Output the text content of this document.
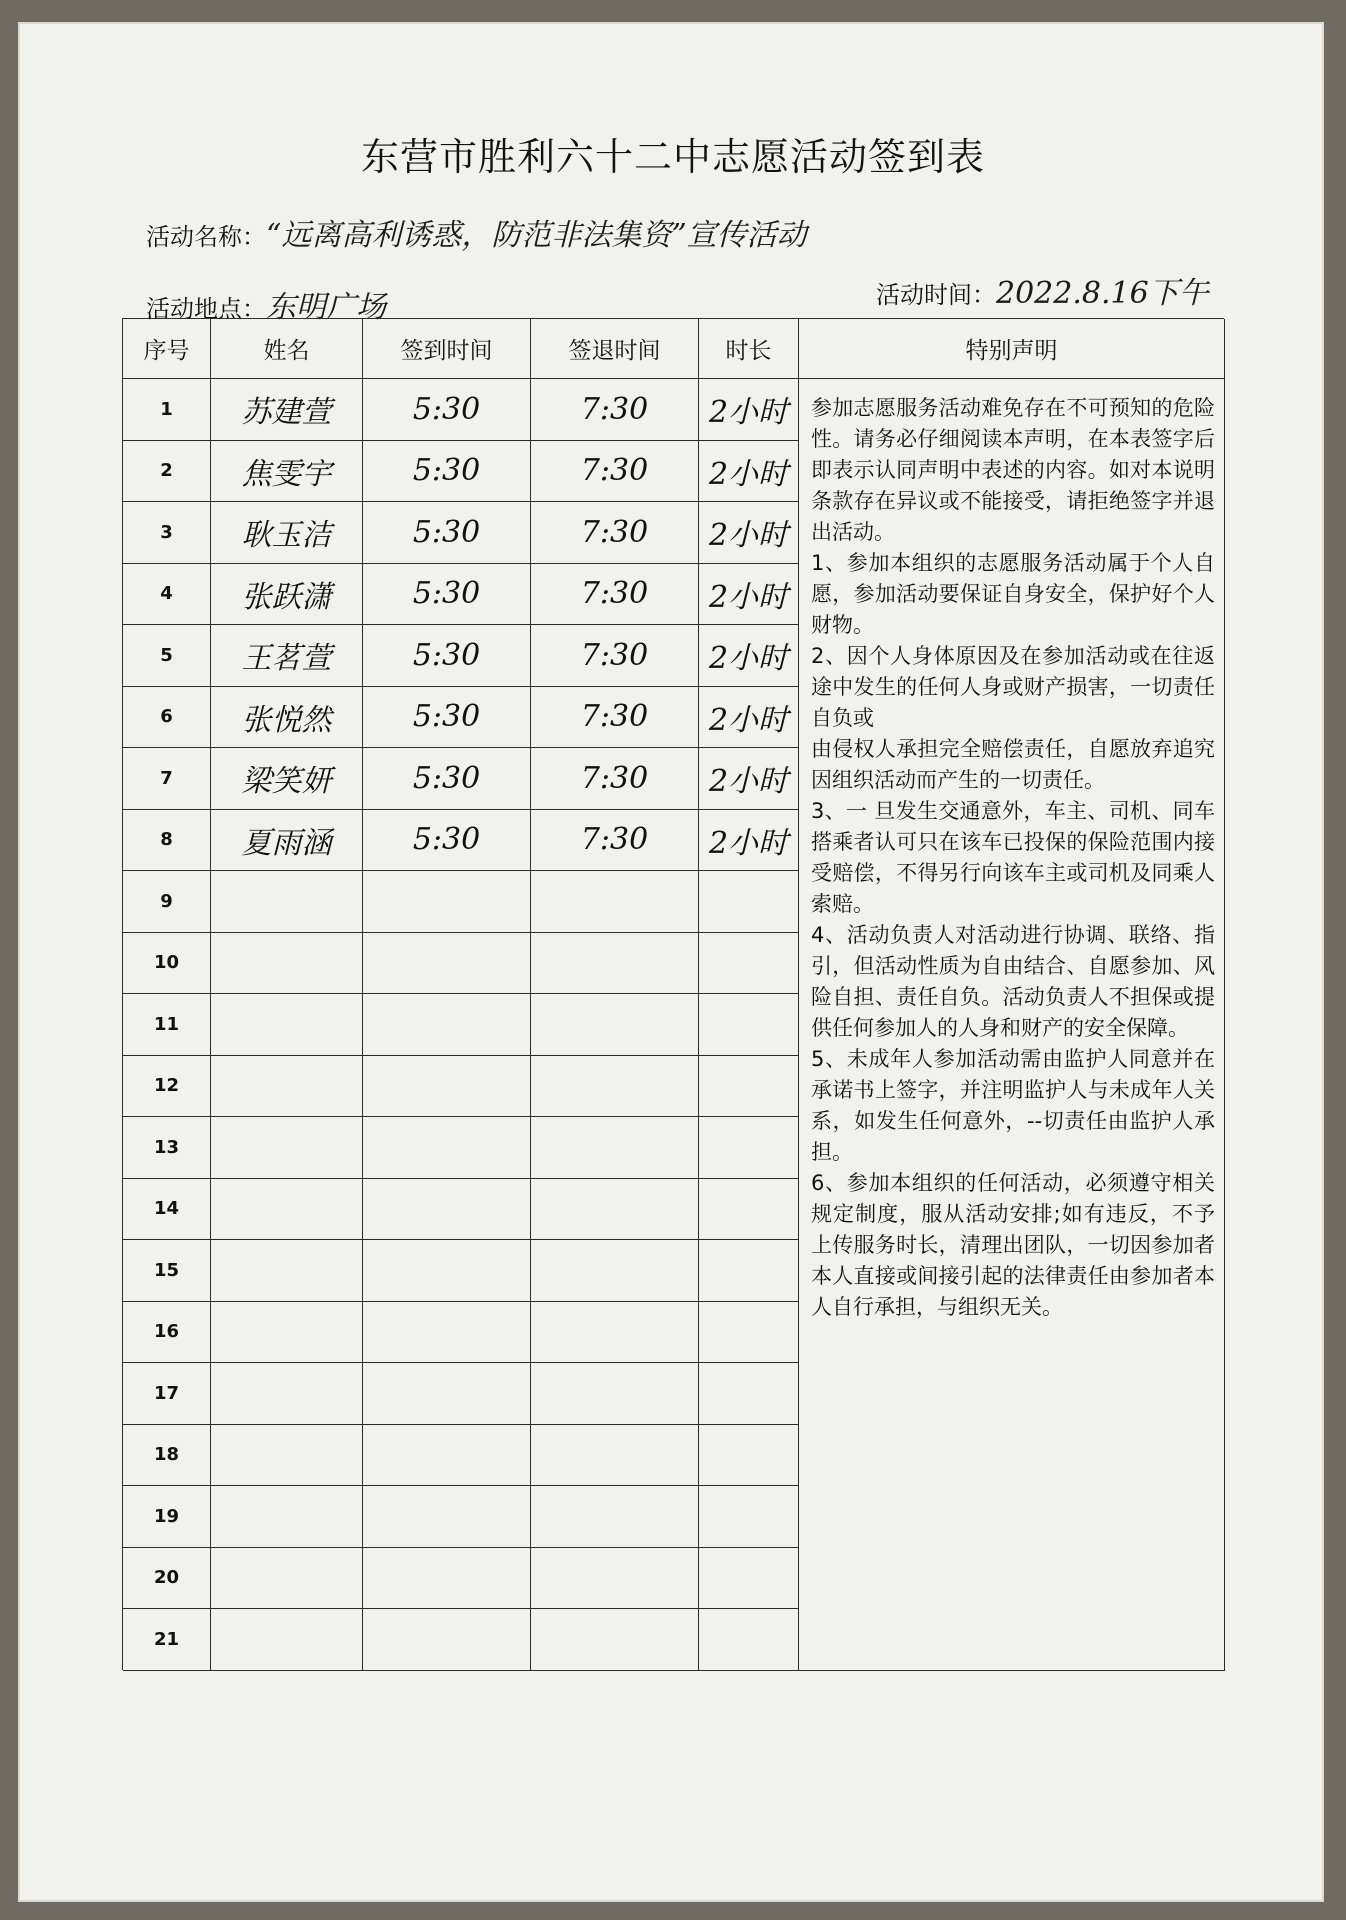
东营市胜利六十二中志愿活动签到表
活动名称：“远离高利诱惑，防范非法集资”宣传活动
活动地点：东明广场	活动时间：2022.8.16下午
序号	姓名	签到时间	签退时间	时长	特别声明

参加志愿服务活动难免存在不可预知的危险性。请务必仔细阅读本声明，在本表签字后即表示认同声明中表述的内容。如对本说明条款存在异议或不能接受，请拒绝签字并退出活动。

1、参加本组织的志愿服务活动属于个人自愿，参加活动要保证自身安全，保护好个人财物。

2、因个人身体原因及在参加活动或在往返途中发生的任何人身或财产损害，一切责任自负或

由侵权人承担完全赔偿责任，自愿放弃追究因组织活动而产生的一切责任。

3、一 旦发生交通意外，车主、司机、同车搭乘者认可只在该车已投保的保险范围内接受赔偿，不得另行向该车主或司机及同乘人索赔。

4、活动负责人对活动进行协调、联络、指引，但活动性质为自由结合、自愿参加、风险自担、责任自负。活动负责人不担保或提供任何参加人的人身和财产的安全保障。

5、未成年人参加活动需由监护人同意并在承诺书上签字，并注明监护人与未成年人关系，如发生任何意外，--切责任由监护人承担。

6、参加本组织的任何活动，必须遵守相关规定制度，服从活动安排;如有违反，不予上传服务时长，清理出团队，一切因参加者本人直接或间接引起的法律责任由参加者本人自行承担，与组织无关。

1	苏建萱	5:30	7:30	2小时
2	焦雯宇	5:30	7:30	2小时
3	耿玉洁	5:30	7:30	2小时
4	张跃潇	5:30	7:30	2小时
5	王茗萱	5:30	7:30	2小时
6	张悦然	5:30	7:30	2小时
7	梁笑妍	5:30	7:30	2小时
8	夏雨涵	5:30	7:30	2小时
9
10
11
12
13
14
15
16
17
18
19
20
21
